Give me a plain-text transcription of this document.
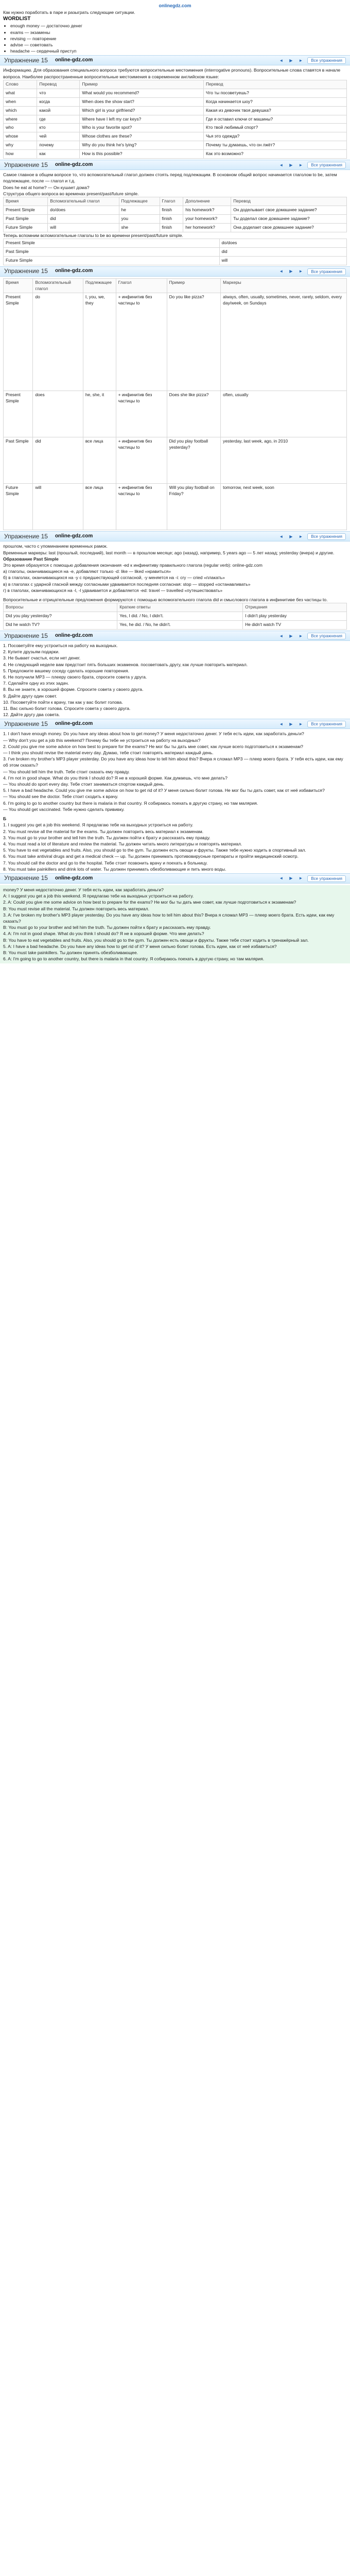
onlinegdz.com

Как нужно поработать в паре и разыграть следующие ситуации.

WORDLIST

• enough money — достаточно денег
• exams — экзамены
• revising — повторение
• advise — советовать
• headache — сердечный приступ
Упражнение 15 online-gdz.com	◄	▶	►	Все упражнения

Информацию. Для образования специального вопроса требуются вопросительные местоимения (interrogative pronouns). Вопросительные слова ставятся в начале вопроса. Наиболее распространенные вопросительные местоимения в современном английском языке:

Слово	Перевод	Пример	Перевод
what	что	What would you recommend?	Что ты посоветуешь?
when	когда	When does the show start?	Когда начинается шоу?
which	какой	Which girl is your girlfriend?	Какая из девочек твоя девушка?
where	где	Where have I left my car keys?	Где я оставил ключи от машины?
who	кто	Who is your favorite spot?	Кто твой любимый спорт?
whose	чей	Whose clothes are these?	Чья это одежда?
why	почему	Why do you think he's lying?	Почему ты думаешь, что он лжёт?
how	как	How is this possible?	Как это возможно?
Упражнение 15 online-gdz.com	◄	▶	►	Все упражнения

Самое главное в общем вопросе то, что вспомогательный глагол должен стоять перед подлежащим. В основном общий вопрос начинается глаголом to be, затем подлежащее, после — глагол и т.д.

Does he eat at home? — Он кушает дома?

Структура общего вопроса во временах present/past/future simple.

Время	Вспомогательный глагол	Подлежащее	Глагол	Дополнение	Перевод
Present Simple	do/does	he	finish	his homework?	Он доделывает свое домашнее задание?
Past Simple	did	you	finish	your homework?	Ты доделал свое домашнее задание?
Future Simple	will	she	finish	her homework?	Она доделает свое домашнее задание?

Теперь вспомним вспомогательные глаголы to be во времени present/past/future simple.

Present Simple	do/does
Past Simple	did
Future Simple	will
Упражнение 15 online-gdz.com	◄	▶	►	Все упражнения
Время	Вспомогательный глагол	Подлежащее	Глагол	Пример	Маркеры
Present Simple	do	I, you, we, they	+ инфинитив без частицы to	Do you like pizza?	always, often, usually, sometimes, never, rarely, seldom, every day/week, on Sundays
Present Simple	does	he, she, it	+ инфинитив без частицы to	Does she like pizza?	often, usually
Past Simple	did	все лица	+ инфинитив без частицы to	Did you play football yesterday?	yesterday, last week, ago, in 2010
Future Simple	will	все лица	+ инфинитив без частицы to	Will you play football on Friday?	tomorrow, next week, soon
Упражнение 15 online-gdz.com	◄	▶	►	Все упражнения

прошлом, часто с упоминанием временных рамок.

Временные маркеры: last (прошлый, последний), last month — в прошлом месяце; ago (назад), например, 5 years ago — 5 лет назад; yesterday (вчера) и другие.

Образование Past Simple

Это время образуется с помощью добавления окончания -ed к инфинитиву правильного глагола (regular verb): online-gdz.com

а) глаголы, оканчивающиеся на -e, добавляют только -d: like — liked «нравиться»

б) в глаголах, оканчивающихся на -y с предшествующей согласной, -y меняется на -i: cry — cried «плакать»

в) в глаголах с ударной гласной между согласными удваивается последняя согласная: stop — stopped «останавливать»

г) в глаголах, оканчивающихся на -l, -l удваивается и добавляется -ed: travel — travelled «путешествовать»

Вопросительные и отрицательные предложения формируются с помощью вспомогательного глагола did и смыслового глагола в инфинитиве без частицы to.

Вопросы	Краткие ответы	Отрицания
Did you play yesterday?	Yes, I did. / No, I didn't.	I didn't play yesterday
Did he watch TV?	Yes, he did. / No, he didn't.	He didn't watch TV
Упражнение 15 online-gdz.com	◄	▶	►	Все упражнения

1. Посоветуйте ему устроиться на работу на выходных.

2. Купите друзьям подарки.

3. Не бывает счастья, если нет денег.

4. Не следующий неделе вам предстоит пять больших экзаменов. посоветовать другу, как лучше повторить материал.

5. Предложите вашему соседу сделать хорошие повторения.

6. Не получили MP3 — плееру своего брата, спросите совета у друга.

7. Сделайте одну из этих задач.

8. Вы не знаете, в хорошей форме. Спросите совета у своего друга.

9. Дайте другу один совет.

10. Посоветуйте пойти к врачу, так как у вас болит голова.

11. Вас сильно болит голова. Спросите совета у своего друга.

12. Дайте другу два совета.

Упражнение 15 online-gdz.com	◄	▶	►	Все упражнения

1. I don't have enough money. Do you have any ideas about how to get money? У меня недостаточно денег. У тебя есть идеи, как заработать деньги?

— Why don't you get a job this weekend? Почему бы тебе не устроиться на работу на выходных?

2. Could you give me some advice on how best to prepare for the exams? Не мог бы ты дать мне совет, как лучше всего подготовиться к экзаменам?

— I think you should revise the material every day. Думаю, тебе стоит повторять материал каждый день.

3. I've broken my brother's MP3 player yesterday. Do you have any ideas how to tell him about this? Вчера я сломал MP3 — плеер моего брата. У тебя есть идеи, как ему об этом сказать?

— You should tell him the truth. Тебе стоит сказать ему правду.

4. I'm not in good shape. What do you think I should do? Я не в хорошей форме. Как думаешь, что мне делать?

— You should do sport every day. Тебе стоит заниматься спортом каждый день.

5. I have a bad headache. Could you give me some advice on how to get rid of it? У меня сильно болит голова. Не мог бы ты дать совет, как от неё избавиться?

— You should see the doctor. Тебе стоит сходить к врачу.

6. I'm going to go to another country but there is malaria in that country. Я собираюсь поехать в другую страну, но там малярия.

— You should get vaccinated. Тебе нужно сделать прививку.

Б

1. I suggest you get a job this weekend. Я предлагаю тебе на выходных устроиться на работу.

2. You must revise all the material for the exams. Ты должен повторить весь материал к экзаменам.

3. You must go to your brother and tell him the truth. Ты должен пойти к брату и рассказать ему правду.

4. You must read a lot of literature and review the material. Ты должен читать много литературы и повторять материал.

5. You have to eat vegetables and fruits. Also, you should go to the gym. Ты должен есть овощи и фрукты. Также тебе нужно ходить в спортивный зал.

6. You must take antiviral drugs and get a medical check — up. Ты должен принимать противовирусные препараты и пройти медицинский осмотр.

7. You should call the doctor and go to the hospital. Тебе стоит позвонить врачу и поехать в больницу.

8. You must take painkillers and drink lots of water. Ты должен принимать обезболивающие и пить много воды.

Упражнение 15 online-gdz.com	◄	▶	►	Все упражнения

money? У меня недостаточно денег. У тебя есть идеи, как заработать деньги?

A: I suggest you get a job this weekend. Я предлагаю тебе на выходных устроиться на работу.

2. A: Could you give me some advice on how best to prepare for the exams? Не мог бы ты дать мне совет, как лучше подготовиться к экзаменам?

B: You must revise all the material. Ты должен повторить весь материал.

3. A: I've broken my brother's MP3 player yesterday. Do you have any ideas how to tell him about this? Вчера я сломал MP3 — плеер моего брата. Есть идеи, как ему сказать?

B: You must go to your brother and tell him the truth. Ты должен пойти к брату и рассказать ему правду.

4. A: I'm not in good shape. What do you think I should do? Я не в хорошей форме. Что мне делать?

B: You have to eat vegetables and fruits. Also, you should go to the gym. Ты должен есть овощи и фрукты. Также тебе стоит ходить в тренажёрный зал.

5. A: I have a bad headache. Do you have any ideas how to get rid of it? У меня сильно болит голова. Есть идеи, как от неё избавиться?

B: You must take painkillers. Ты должен принять обезболивающее.

6. A: I'm going to go to another country, but there is malaria in that country. Я собираюсь поехать в другую страну, но там малярия.
